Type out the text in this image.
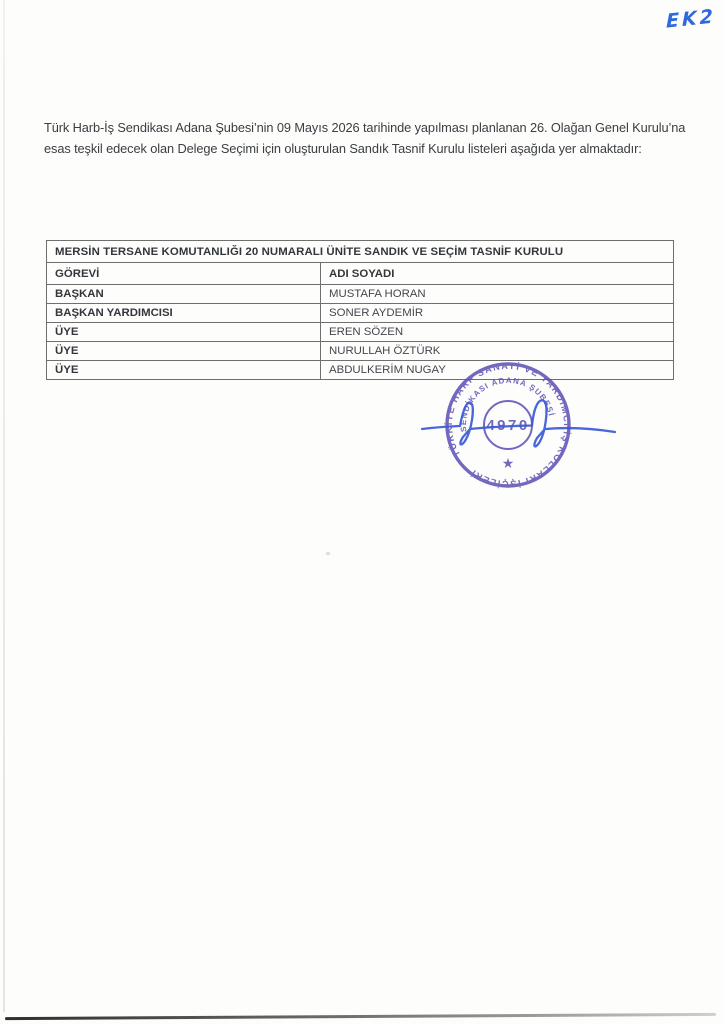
EK2

Türk Harb-İş Sendikası Adana Şubesi’nin 09 Mayıs 2026 tarihinde yapılması planlanan 26. Olağan Genel Kurulu’na
esas teşkil edecek olan Delege Seçimi için oluşturulan Sandık Tasnif Kurulu listeleri aşağıda yer almaktadır:

MERSİN TERSANE KOMUTANLIĞI 20 NUMARALI ÜNİTE SANDIK VE SEÇİM TASNİF KURULU	
GÖREVİ	ADI SOYADI
BAŞKAN	MUSTAFA HORAN
BAŞKAN YARDIMCISI	SONER AYDEMİR
ÜYE	EREN SÖZEN
ÜYE	NURULLAH ÖZTÜRK
ÜYE	ABDULKERİM NUGAY
TÜRKİYE HARP SANAYİ VE YARDIMCI İŞ KOLLARI İŞÇİLERİ
SENDİKASI ADANA ŞUBESİ
4970
★
